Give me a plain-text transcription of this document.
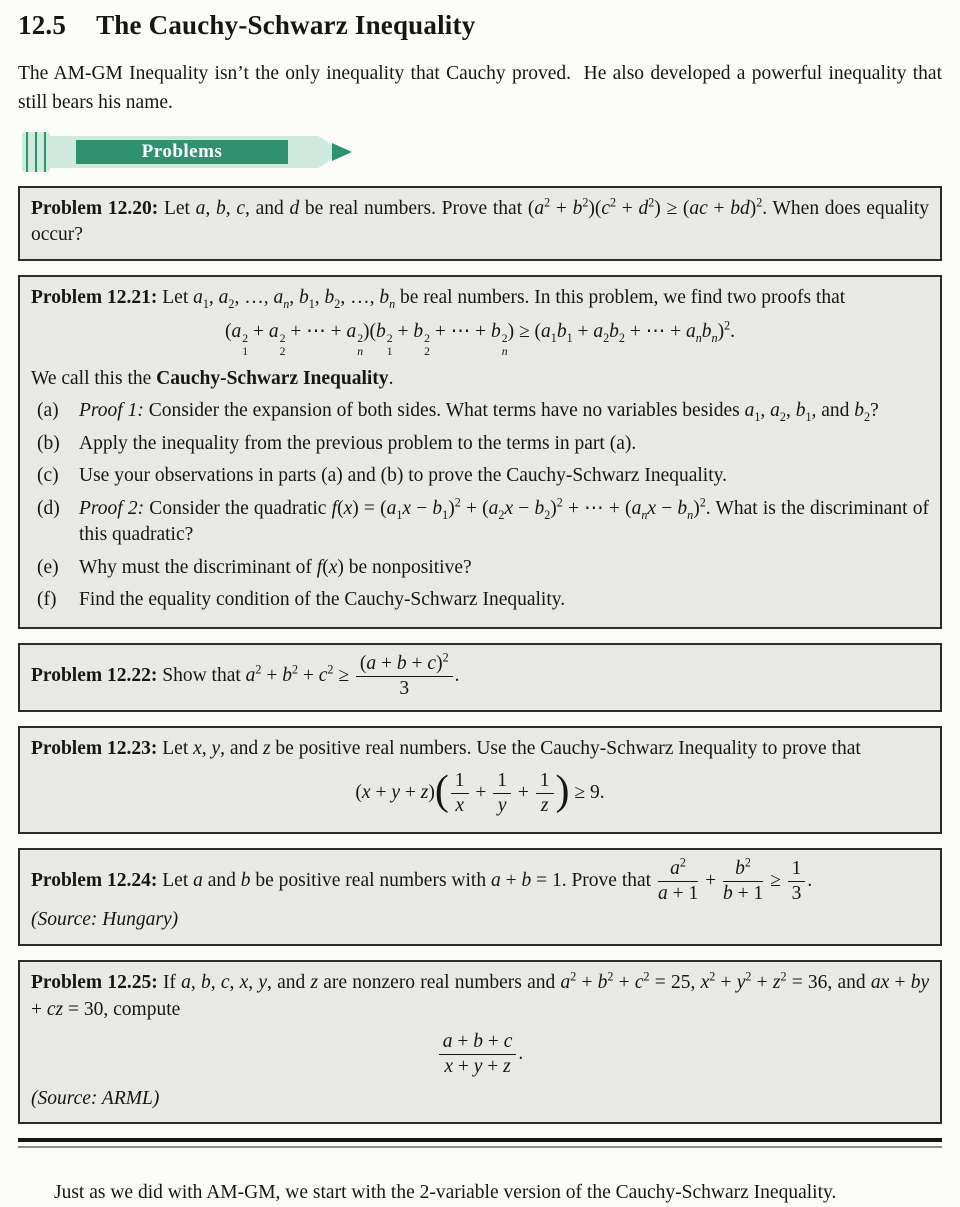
12.5 The Cauchy-Schwarz Inequality

The AM-GM Inequality isn’t the only inequality that Cauchy proved.  He also developed a powerful inequality that still bears his name.

Problems

Problem 12.20: Let a, b, c, and d be real numbers. Prove that $(a^2 + b^2)(c^2 + d^2) \ge (ac + bd)^2$. When does equality occur?

Problem 12.21: Let $a_1$, $a_2$, …, $a_n$, $b_1$, $b_2$, …, $b_n$ be real numbers. In this problem, we find two proofs that

(a 2
1
+ a 2
2
+ ⋯ + a 2
n
)(b 2
1
+ b 2
2
+ ⋯ + b 2
n
) ≥ ($a_1b_1 + a_2b_2$ + ⋯ + $a_nb_n)^2$.

We call this the Cauchy-Schwarz Inequality.

(a)	Proof 1: Consider the expansion of both sides. What terms have no variables besides $a_1$, $a_2$, $b_1$, and $b_2$?
(b) Apply the inequality from the previous problem to the terms in part (a).
(c)	Use your observations in parts (a) and (b) to prove the Cauchy-Schwarz Inequality.
(d) Proof 2: Consider the quadratic $f(x) = (a_1x - b_1)^2 + (a_2x - b_2)^2$ + ⋯ + $(a_nx - b_n)^2$. What is the discriminant of this quadratic?
(e)	Why must the discriminant of f(x) be nonpositive?
(f)	Find the equality condition of the Cauchy-Schwarz Inequality.

Problem 12.22: Show that $a^2 + b^2 + c^2 \ge \frac{(a + b + c)^2}{3}$ .

Problem 12.23: Let x, y, and z be positive real numbers. Use the Cauchy-Schwarz Inequality to prove that

$(x + y + z)( \frac{1}{x} + \frac{1}{y} + \frac{1}{z}$ ) ≥ 9.

Problem 12.24: Let a and b be positive real numbers with a + b = 1. Prove that $\frac{a^2}{a + 1} + \frac{b^2}{b + 1} \ge \frac{1}{3}$ .

(Source: Hungary)

Problem 12.25: If a, b, c, x, y, and z are nonzero real numbers and $a^2 + b^2 + c^2 = 25$, $x^2 + y^2 + z^2 = 36$, and ax + by + cz = 30, compute

$\frac{a + b + c}{x + y + z}$ .

(Source: ARML)

Just as we did with AM-GM, we start with the 2-variable version of the Cauchy-Schwarz Inequality.
